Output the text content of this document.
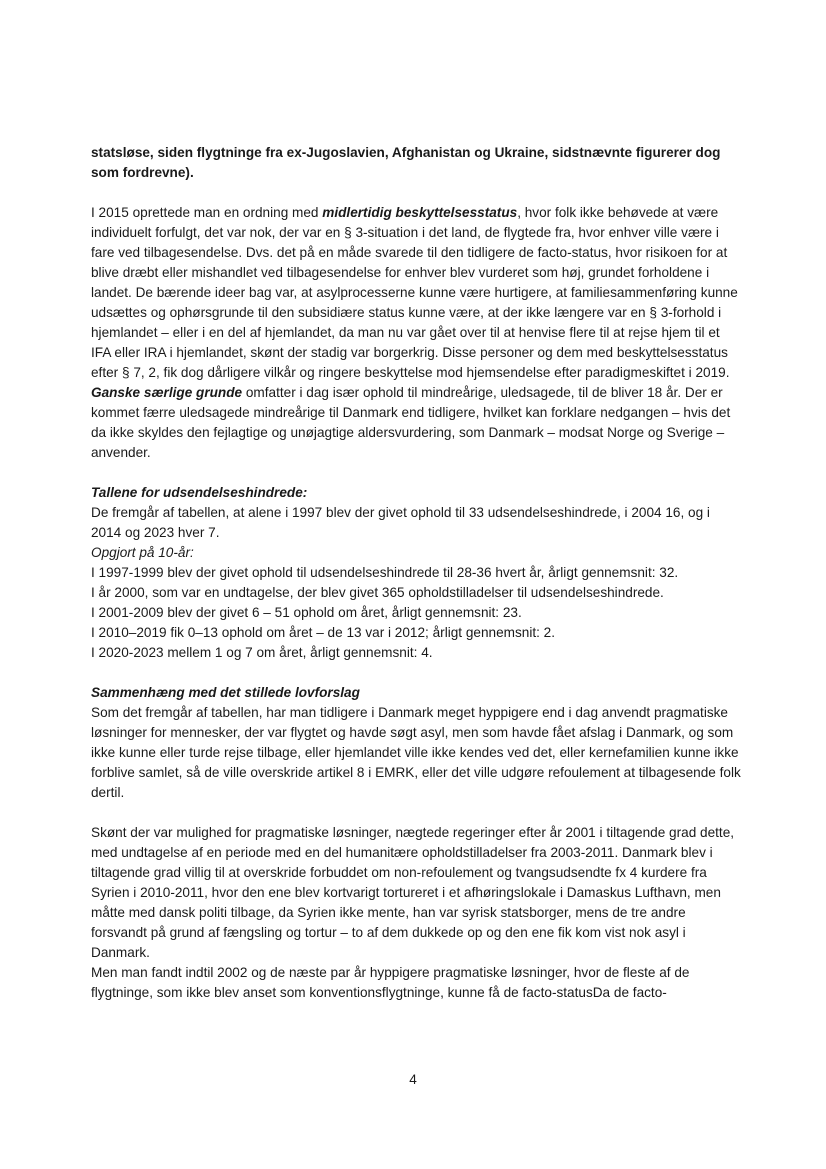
statsløse, siden flygtninge fra ex-Jugoslavien, Afghanistan og Ukraine, sidstnævnte figurerer dog som fordrevne).

I 2015 oprettede man en ordning med midlertidig beskyttelsesstatus, hvor folk ikke behøvede at være individuelt forfulgt, det var nok, der var en § 3-situation i det land, de flygtede fra, hvor enhver ville være i fare ved tilbagesendelse. Dvs. det på en måde svarede til den tidligere de facto-status, hvor risikoen for at blive dræbt eller mishandlet ved tilbagesendelse for enhver blev vurderet som høj, grundet forholdene i landet. De bærende ideer bag var, at asylprocesserne kunne være hurtigere, at familiesammenføring kunne udsættes og ophørsgrunde til den subsidiære status kunne være, at der ikke længere var en § 3-forhold i hjemlandet – eller i en del af hjemlandet, da man nu var gået over til at henvise flere til at rejse hjem til et IFA eller IRA i hjemlandet, skønt der stadig var borgerkrig. Disse personer og dem med beskyttelsesstatus efter § 7, 2, fik dog dårligere vilkår og ringere beskyttelse mod hjemsendelse efter paradigmeskiftet i 2019.

Ganske særlige grunde omfatter i dag især ophold til mindreårige, uledsagede, til de bliver 18 år. Der er kommet færre uledsagede mindreårige til Danmark end tidligere, hvilket kan forklare nedgangen – hvis det da ikke skyldes den fejlagtige og unøjagtige aldersvurdering, som Danmark – modsat Norge og Sverige – anvender.

Tallene for udsendelseshindrede:

De fremgår af tabellen, at alene i 1997 blev der givet ophold til 33 udsendelseshindrede, i 2004 16, og i 2014 og 2023 hver 7.

Opgjort på 10-år:

I 1997-1999 blev der givet ophold til udsendelseshindrede til 28-36 hvert år, årligt gennemsnit: 32.

I år 2000, som var en undtagelse, der blev givet 365 opholdstilladelser til udsendelseshindrede.

I 2001-2009 blev der givet 6 – 51 ophold om året, årligt gennemsnit: 23.

I 2010–2019 fik 0–13 ophold om året – de 13 var i 2012; årligt gennemsnit: 2.

I 2020-2023 mellem 1 og 7 om året, årligt gennemsnit: 4.

Sammenhæng med det stillede lovforslag

Som det fremgår af tabellen, har man tidligere i Danmark meget hyppigere end i dag anvendt pragmatiske løsninger for mennesker, der var flygtet og havde søgt asyl, men som havde fået afslag i Danmark, og som ikke kunne eller turde rejse tilbage, eller hjemlandet ville ikke kendes ved det, eller kernefamilien kunne ikke forblive samlet, så de ville overskride artikel 8 i EMRK, eller det ville udgøre refoulement at tilbagesende folk dertil.

Skønt der var mulighed for pragmatiske løsninger, nægtede regeringer efter år 2001 i tiltagende grad dette, med undtagelse af en periode med en del humanitære opholdstilladelser fra 2003-2011. Danmark blev i tiltagende grad villig til at overskride forbuddet om non-refoulement og tvangsudsendte fx 4 kurdere fra Syrien i 2010-2011, hvor den ene blev kortvarigt tortureret i et afhøringslokale i Damaskus Lufthavn, men måtte med dansk politi tilbage, da Syrien ikke mente, han var syrisk statsborger, mens de tre andre forsvandt på grund af fængsling og tortur – to af dem dukkede op og den ene fik kom vist nok asyl i Danmark.

Men man fandt indtil 2002 og de næste par år hyppigere pragmatiske løsninger, hvor de fleste af de flygtninge, som ikke blev anset som konventionsflygtninge, kunne få de facto-statusDa de facto-

4
